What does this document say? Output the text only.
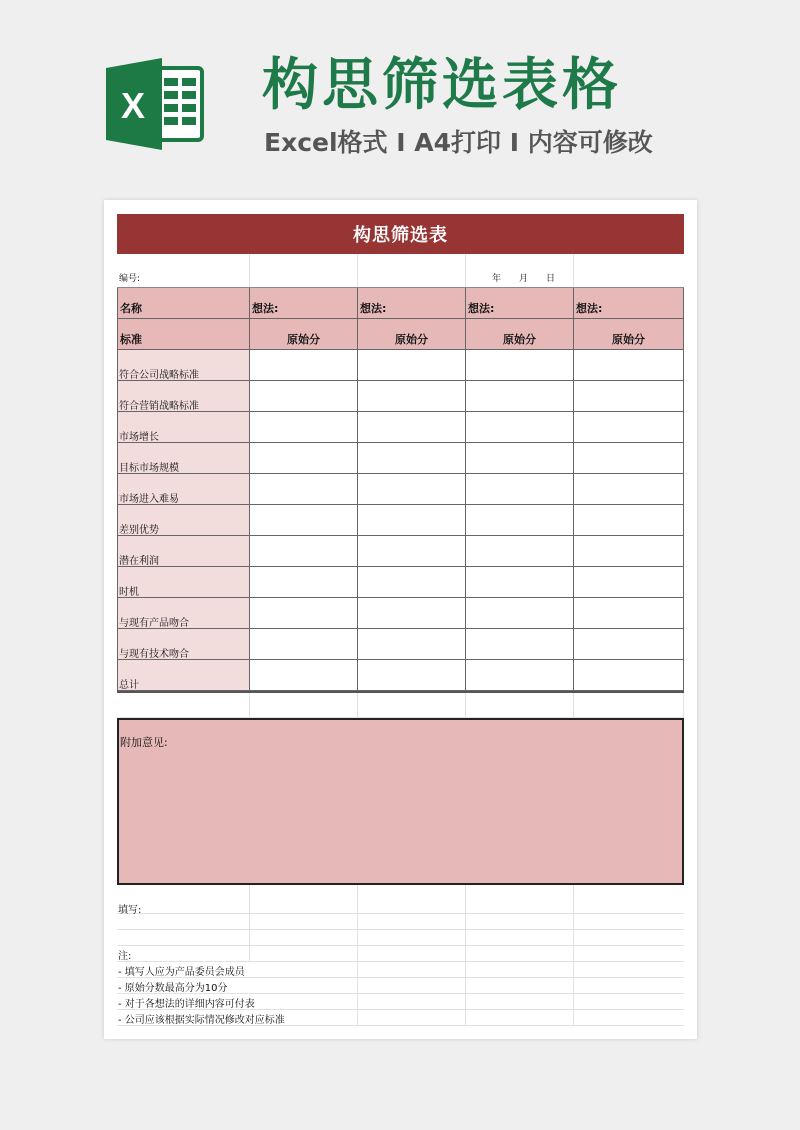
X 构思筛选表格
Excel格式 I A4打印 I 内容可修改
构思筛选表
编号:	年	月	日
名称	想法:	想法:	想法:	想法:
标准	原始分	原始分	原始分	原始分
符合公司战略标准
符合营销战略标准
市场增长
目标市场规模
市场进入难易
差别优势
潜在利润
时机
与现有产品吻合
与现有技术吻合
总计
附加意见:
填写:
注:
- 填写人应为产品委员会成员
- 原始分数最高分为10分
- 对于各想法的详细内容可付表
- 公司应该根据实际情况修改对应标准
